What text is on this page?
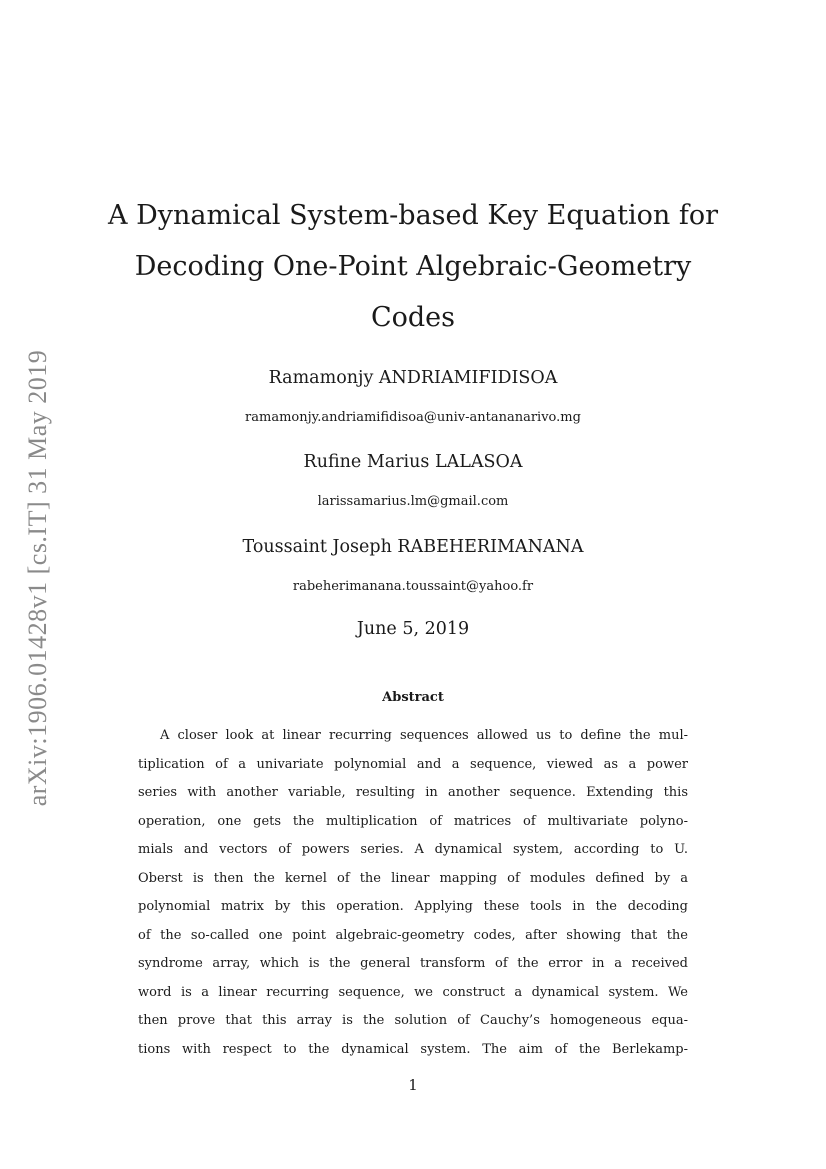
arXiv:1906.01428v1 [cs.IT] 31 May 2019
A Dynamical System-based Key Equation for
Decoding One-Point Algebraic-Geometry
Codes
Ramamonjy ANDRIAMIFIDISOA
ramamonjy.andriamifidisoa@univ-antananarivo.mg
Rufine Marius LALASOA
larissamarius.lm@gmail.com
Toussaint Joseph RABEHERIMANANA
rabeherimanana.toussaint@yahoo.fr
June 5, 2019
Abstract
A closer look at linear recurring sequences allowed us to define the mul-
tiplication of a univariate polynomial and a sequence, viewed as a power
series with another variable, resulting in another sequence. Extending this
operation, one gets the multiplication of matrices of multivariate polyno-
mials and vectors of powers series. A dynamical system, according to U.
Oberst is then the kernel of the linear mapping of modules defined by a
polynomial matrix by this operation. Applying these tools in the decoding
of the so-called one point algebraic-geometry codes, after showing that the
syndrome array, which is the general transform of the error in a received
word is a linear recurring sequence, we construct a dynamical system. We
then prove that this array is the solution of Cauchy’s homogeneous equa-
tions with respect to the dynamical system. The aim of the Berlekamp-
1
